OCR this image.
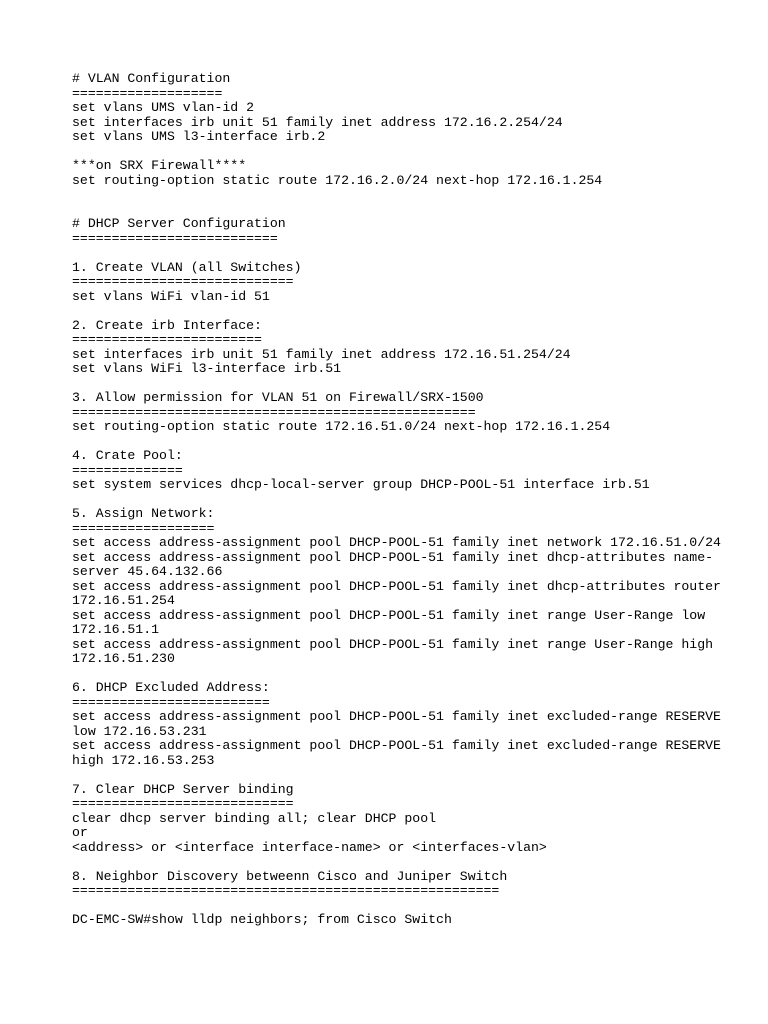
# VLAN Configuration
===================
set vlans UMS vlan-id 2
set interfaces irb unit 51 family inet address 172.16.2.254/24
set vlans UMS l3-interface irb.2
***on SRX Firewall****
set routing-option static route 172.16.2.0/24 next-hop 172.16.1.254
# DHCP Server Configuration
==========================
1. Create VLAN (all Switches)
============================
set vlans WiFi vlan-id 51
2. Create irb Interface:
========================
set interfaces irb unit 51 family inet address 172.16.51.254/24
set vlans WiFi l3-interface irb.51
3. Allow permission for VLAN 51 on Firewall/SRX-1500
===================================================
set routing-option static route 172.16.51.0/24 next-hop 172.16.1.254
4. Crate Pool:
==============
set system services dhcp-local-server group DHCP-POOL-51 interface irb.51
5. Assign Network:
==================
set access address-assignment pool DHCP-POOL-51 family inet network 172.16.51.0/24
set access address-assignment pool DHCP-POOL-51 family inet dhcp-attributes name-
server 45.64.132.66
set access address-assignment pool DHCP-POOL-51 family inet dhcp-attributes router
172.16.51.254
set access address-assignment pool DHCP-POOL-51 family inet range User-Range low
172.16.51.1
set access address-assignment pool DHCP-POOL-51 family inet range User-Range high
172.16.51.230
6. DHCP Excluded Address:
=========================
set access address-assignment pool DHCP-POOL-51 family inet excluded-range RESERVE
low 172.16.53.231
set access address-assignment pool DHCP-POOL-51 family inet excluded-range RESERVE
high 172.16.53.253
7. Clear DHCP Server binding
============================
clear dhcp server binding all; clear DHCP pool
or
<address> or <interface interface-name> or <interfaces-vlan>
8. Neighbor Discovery betweenn Cisco and Juniper Switch
======================================================
DC-EMC-SW#show lldp neighbors; from Cisco Switch
